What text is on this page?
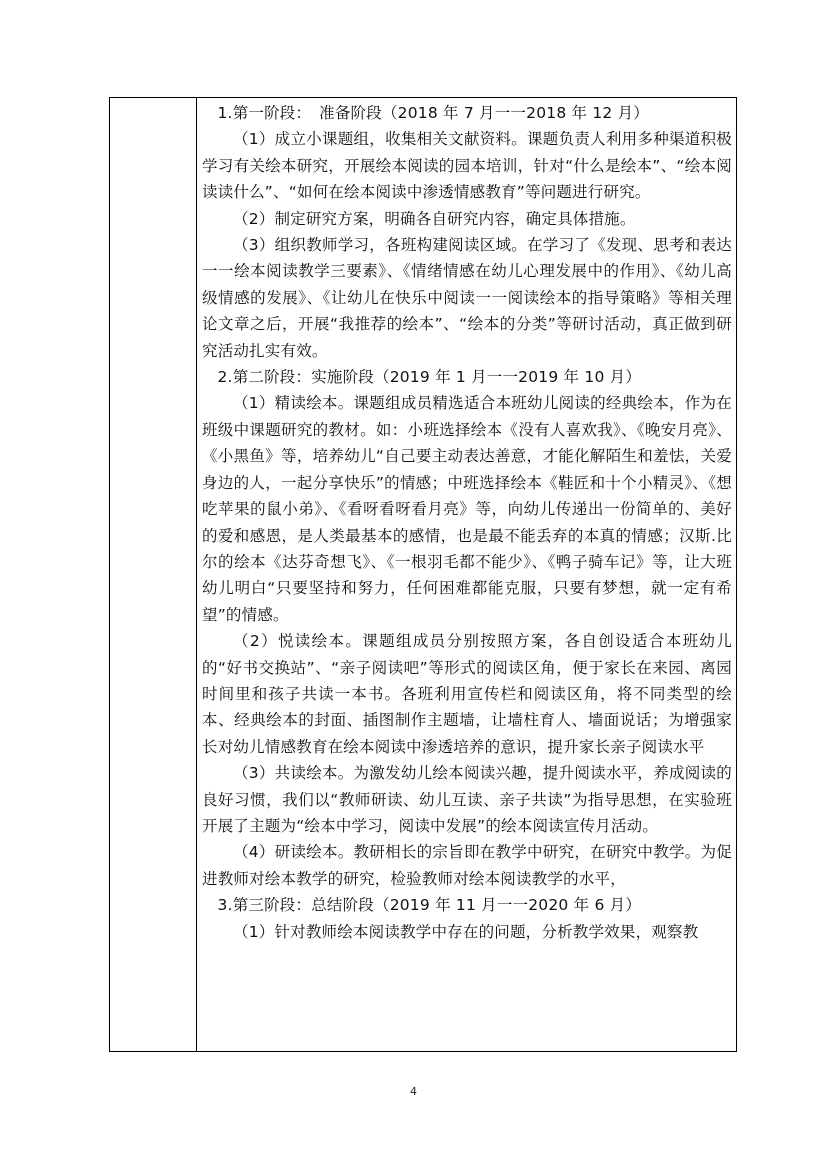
1.第一阶段：　准备阶段（2018 年 7 月一一2018 年 12 月）

（1）成立小课题组，收集相关文献资料。课题负责人利用多种渠道积极学习有关绘本研究，开展绘本阅读的园本培训，针对“什么是绘本”、“绘本阅读读什么”、“如何在绘本阅读中渗透情感教育”等问题进行研究。

（2）制定研究方案，明确各自研究内容，确定具体措施。

（3）组织教师学习，各班构建阅读区域。在学习了《发现、思考和表达一一绘本阅读教学三要素》、《情绪情感在幼儿心理发展中的作用》、《幼儿高级情感的发展》、《让幼儿在快乐中阅读一一阅读绘本的指导策略》等相关理论文章之后，开展“我推荐的绘本”、“绘本的分类”等研讨活动，真正做到研究活动扎实有效。

2.第二阶段：实施阶段（2019 年 1 月一一2019 年 10 月）

（1）精读绘本。课题组成员精选适合本班幼儿阅读的经典绘本，作为在班级中课题研究的教材。如：小班选择绘本《没有人喜欢我》、《晚安月亮》、《小黑鱼》等，培养幼儿“自己要主动表达善意，才能化解陌生和羞怯，关爱身边的人，一起分享快乐”的情感；中班选择绘本《鞋匠和十个小精灵》、《想吃苹果的鼠小弟》、《看呀看呀看月亮》等，向幼儿传递出一份简单的、美好的爱和感恩，是人类最基本的感情，也是最不能丢弃的本真的情感；汉斯.比尔的绘本《达芬奇想飞》、《一根羽毛都不能少》、《鸭子骑车记》等，让大班幼儿明白“只要坚持和努力，任何困难都能克服，只要有梦想，就一定有希望”的情感。

（2）悦读绘本。课题组成员分别按照方案，各自创设适合本班幼儿的“好书交换站”、“亲子阅读吧”等形式的阅读区角，便于家长在来园、离园时间里和孩子共读一本书。各班利用宣传栏和阅读区角，将不同类型的绘本、经典绘本的封面、插图制作主题墙，让墙柱育人、墙面说话；为增强家长对幼儿情感教育在绘本阅读中渗透培养的意识，提升家长亲子阅读水平

（3）共读绘本。为激发幼儿绘本阅读兴趣，提升阅读水平，养成阅读的良好习惯，我们以“教师研读、幼儿互读、亲子共读”为指导思想，在实验班开展了主题为“绘本中学习，阅读中发展”的绘本阅读宣传月活动。

（4）研读绘本。教研相长的宗旨即在教学中研究，在研究中教学。为促进教师对绘本教学的研究，检验教师对绘本阅读教学的水平，

3.第三阶段：总结阶段（2019 年 11 月一一2020 年 6 月）

（1）针对教师绘本阅读教学中存在的问题，分析教学效果，观察教

4
